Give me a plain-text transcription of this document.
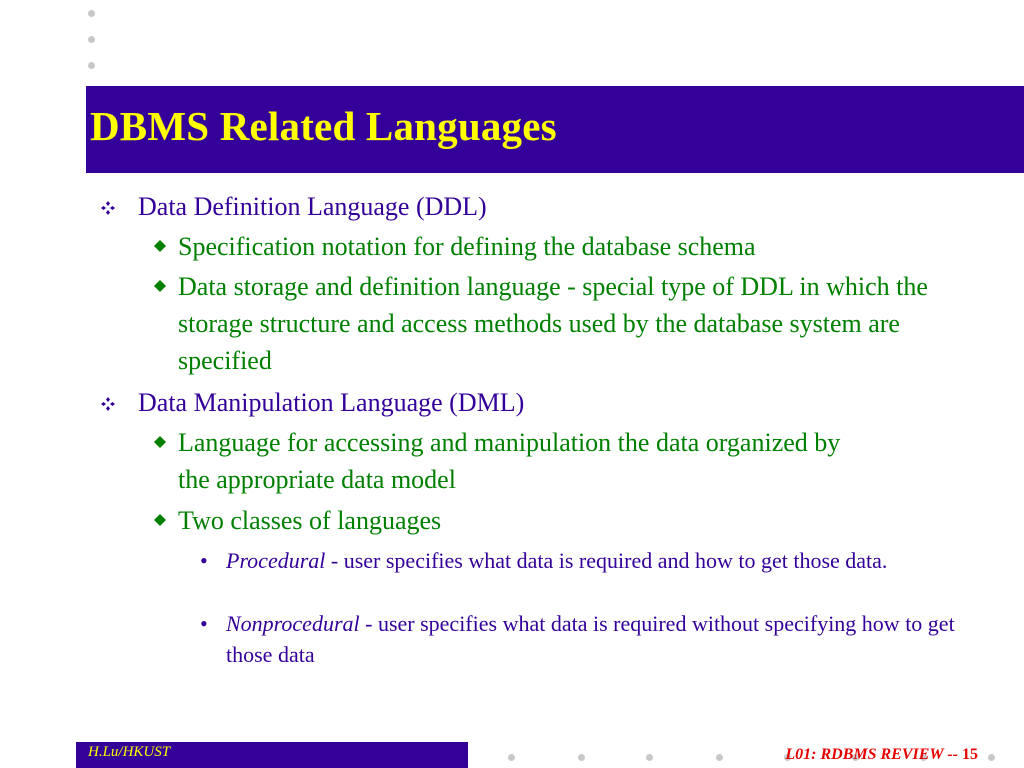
DBMS Related Languages
Data Definition Language (DDL)
Specification notation for defining the database schema
Data storage and definition language - special type of DDL in which the storage structure and access methods used by the database system are specified
Data Manipulation Language (DML)
Language for accessing and manipulation the data organized by the appropriate data model
Two classes of languages
• Procedural - user specifies what data is required and how to get those data.
• Nonprocedural - user specifies what data is required without specifying how to get those data
H.Lu/HKUST	L01: RDBMS REVIEW -- 15
